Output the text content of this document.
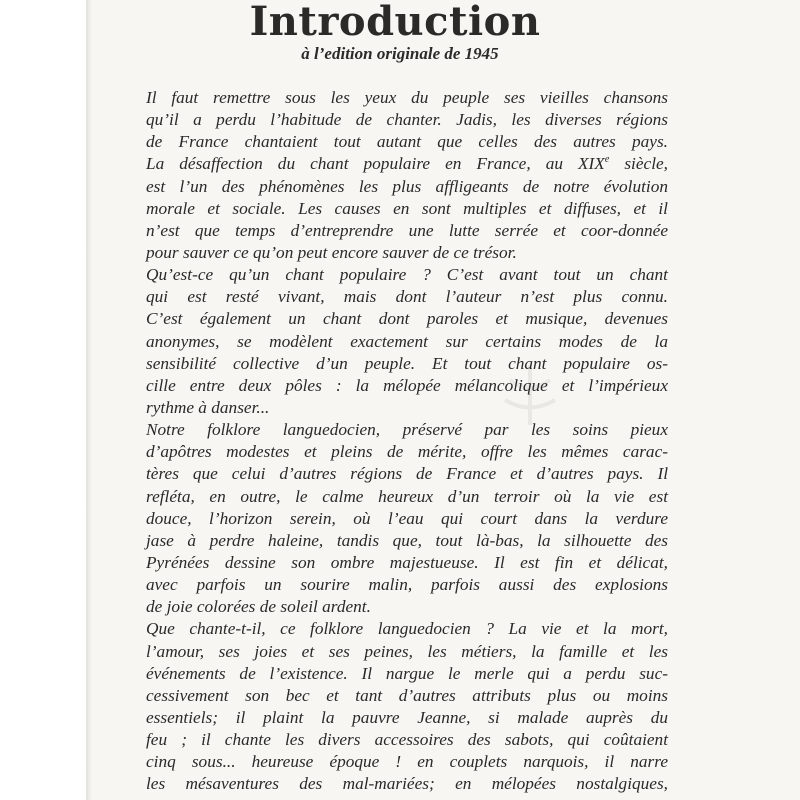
Introduction
à l’edition originale de 1945
Il faut remettre sous les yeux du peuple ses vieilles chansons
qu’il a perdu l’habitude de chanter. Jadis, les diverses régions
de France chantaient tout autant que celles des autres pays.
La désaffection du chant populaire en France, au XIXe siècle,
est l’un des phénomènes les plus affligeants de notre évolution
morale et sociale. Les causes en sont multiples et diffuses, et il
n’est que temps d’entreprendre une lutte serrée et coor-donnée
pour sauver ce qu’on peut encore sauver de ce trésor.
Qu’est-ce qu’un chant populaire ? C’est avant tout un chant
qui est resté vivant, mais dont l’auteur n’est plus connu.
C’est également un chant dont paroles et musique, devenues
anonymes, se modèlent exactement sur certains modes de la
sensibilité collective d’un peuple. Et tout chant populaire os-
cille entre deux pôles : la mélopée mélancolique et l’impérieux
rythme à danser...
Notre folklore languedocien, préservé par les soins pieux
d’apôtres modestes et pleins de mérite, offre les mêmes carac-
tères que celui d’autres régions de France et d’autres pays. Il
refléta, en outre, le calme heureux d’un terroir où la vie est
douce, l’horizon serein, où l’eau qui court dans la verdure
jase à perdre haleine, tandis que, tout là-bas, la silhouette des
Pyrénées dessine son ombre majestueuse. Il est fin et délicat,
avec parfois un sourire malin, parfois aussi des explosions
de joie colorées de soleil ardent.
Que chante-t-il, ce folklore languedocien ? La vie et la mort,
l’amour, ses joies et ses peines, les métiers, la famille et les
événements de l’existence. Il nargue le merle qui a perdu suc-
cessivement son bec et tant d’autres attributs plus ou moins
essentiels; il plaint la pauvre Jeanne, si malade auprès du
feu ; il chante les divers accessoires des sabots, qui coûtaient
cinq sous... heureuse époque ! en couplets narquois, il narre
les mésaventures des mal-mariées; en mélopées nostalgiques,
